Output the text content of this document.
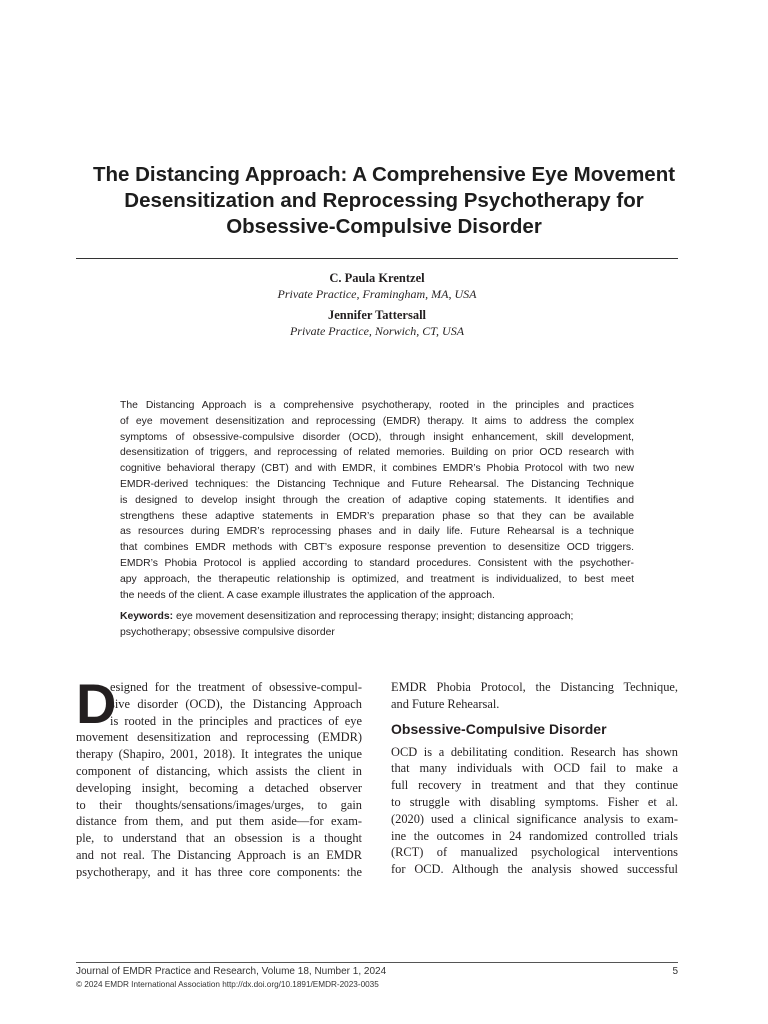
The Distancing Approach: A Comprehensive Eye Movement
Desensitization and Reprocessing Psychotherapy for
Obsessive-Compulsive Disorder
C. Paula Krentzel
Private Practice, Framingham, MA, USA
Jennifer Tattersall
Private Practice, Norwich, CT, USA

The Distancing Approach is a comprehensive psychotherapy, rooted in the principles and practices
of eye movement desensitization and reprocessing (EMDR) therapy. It aims to address the complex
symptoms of obsessive-compulsive disorder (OCD), through insight enhancement, skill development,
desensitization of triggers, and reprocessing of related memories. Building on prior OCD research with
cognitive behavioral therapy (CBT) and with EMDR, it combines EMDR’s Phobia Protocol with two new
EMDR-derived techniques: the Distancing Technique and Future Rehearsal. The Distancing Technique
is designed to develop insight through the creation of adaptive coping statements. It identifies and
strengthens these adaptive statements in EMDR’s preparation phase so that they can be available
as resources during EMDR’s reprocessing phases and in daily life. Future Rehearsal is a technique
that combines EMDR methods with CBT’s exposure response prevention to desensitize OCD triggers.
EMDR’s Phobia Protocol is applied according to standard procedures. Consistent with the psychother-
apy approach, the therapeutic relationship is optimized, and treatment is individualized, to best meet
the needs of the client. A case example illustrates the application of the approach.

Keywords: eye movement desensitization and reprocessing therapy; insight; distancing approach;
psychotherapy; obsessive compulsive disorder

D
esigned for the treatment of obsessive-compul-
sive disorder (OCD), the Distancing Approach
is rooted in the principles and practices of eye
movement desensitization and reprocessing (EMDR)
therapy (Shapiro, 2001, 2018). It integrates the unique
component of distancing, which assists the client in
developing insight, becoming a detached observer
to their thoughts/sensations/images/urges, to gain
distance from them, and put them aside—for exam-
ple, to understand that an obsession is a thought
and not real. The Distancing Approach is an EMDR
psychotherapy, and it has three core components: the
EMDR Phobia Protocol, the Distancing Technique,
and Future Rehearsal.
Obsessive-Compulsive Disorder
OCD is a debilitating condition. Research has shown
that many individuals with OCD fail to make a
full recovery in treatment and that they continue
to struggle with disabling symptoms. Fisher et al.
(2020) used a clinical significance analysis to exam-
ine the outcomes in 24 randomized controlled trials
(RCT) of manualized psychological interventions
for OCD. Although the analysis showed successful
Journal of EMDR Practice and Research, Volume 18, Number 1, 2024
© 2024 EMDR International Association http://dx.doi.org/10.1891/EMDR-2023-0035
5
